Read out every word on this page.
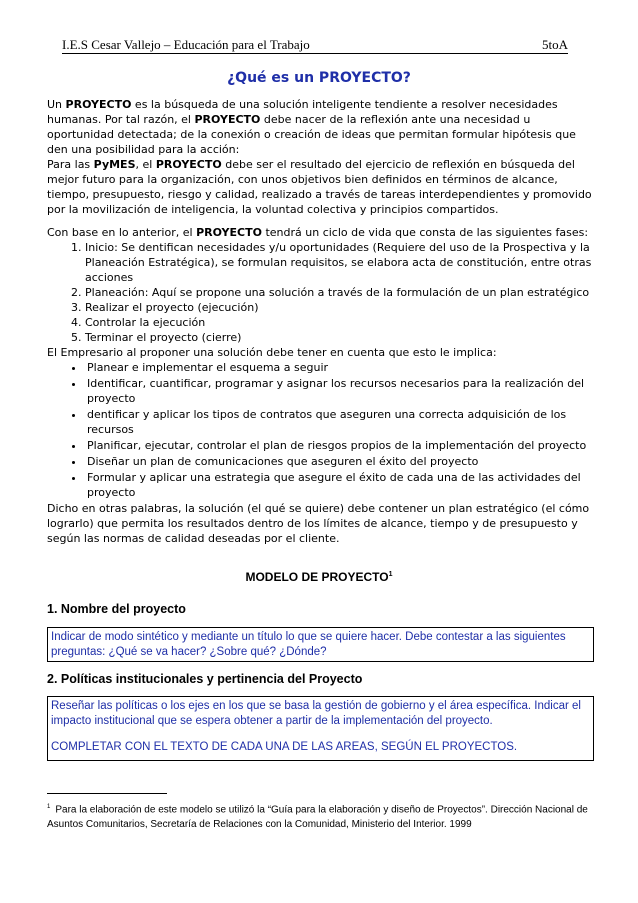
I.E.S Cesar Vallejo – Educación para el Trabajo	5toA
¿Qué es un PROYECTO?

Un PROYECTO es la búsqueda de una solución inteligente tendiente a resolver necesidades humanas. Por tal razón, el PROYECTO debe nacer de la reflexión ante una necesidad u oportunidad detectada; de la conexión o creación de ideas que permitan formular hipótesis que den una posibilidad para la acción:

Para las PyMES, el PROYECTO debe ser el resultado del ejercicio de reflexión en búsqueda del mejor futuro para la organización, con unos objetivos bien definidos en términos de alcance, tiempo, presupuesto, riesgo y calidad, realizado a través de tareas interdependientes y promovido por la movilización de inteligencia, la voluntad colectiva y principios compartidos.

Con base en lo anterior, el PROYECTO tendrá un ciclo de vida que consta de las siguientes fases:

1. Inicio: Se dentifican necesidades y/u oportunidades (Requiere del uso de la Prospectiva y la Planeación Estratégica), se formulan requisitos, se elabora acta de constitución, entre otras acciones
2. Planeación: Aquí se propone una solución a través de la formulación de un plan estratégico
3. Realizar el proyecto (ejecución)
4. Controlar la ejecución
5. Terminar el proyecto (cierre)

El Empresario al proponer una solución debe tener en cuenta que esto le implica:

• Planear e implementar el esquema a seguir
• Identificar, cuantificar, programar y asignar los recursos necesarios para la realización del proyecto
• dentificar y aplicar los tipos de contratos que aseguren una correcta adquisición de los recursos
• Planificar, ejecutar, controlar el plan de riesgos propios de la implementación del proyecto
• Diseñar un plan de comunicaciones que aseguren el éxito del proyecto
• Formular y aplicar una estrategia que asegure el éxito de cada una de las actividades del proyecto

Dicho en otras palabras, la solución (el qué se quiere) debe contener un plan estratégico (el cómo lograrlo) que permita los resultados dentro de los límites de alcance, tiempo y de presupuesto y según las normas de calidad deseadas por el cliente.

MODELO DE PROYECTO$^1$
1. Nombre del proyecto

Indicar de modo sintético y mediante un título lo que se quiere hacer. Debe contestar a las siguientes preguntas: ¿Qué se va hacer? ¿Sobre qué? ¿Dónde?

2. Políticas institucionales y pertinencia del Proyecto

Reseñar las políticas o los ejes en los que se basa la gestión de gobierno y el área específica. Indicar el impacto institucional que se espera obtener a partir de la implementación del proyecto.

COMPLETAR CON EL TEXTO DE CADA UNA DE LAS AREAS, SEGÚN EL PROYECTOS.

$^1$ Para la elaboración de este modelo se utilizó la “Guía para la elaboración y diseño de Proyectos”. Dirección Nacional de Asuntos Comunitarios, Secretaría de Relaciones con la Comunidad, Ministerio del Interior. 1999
